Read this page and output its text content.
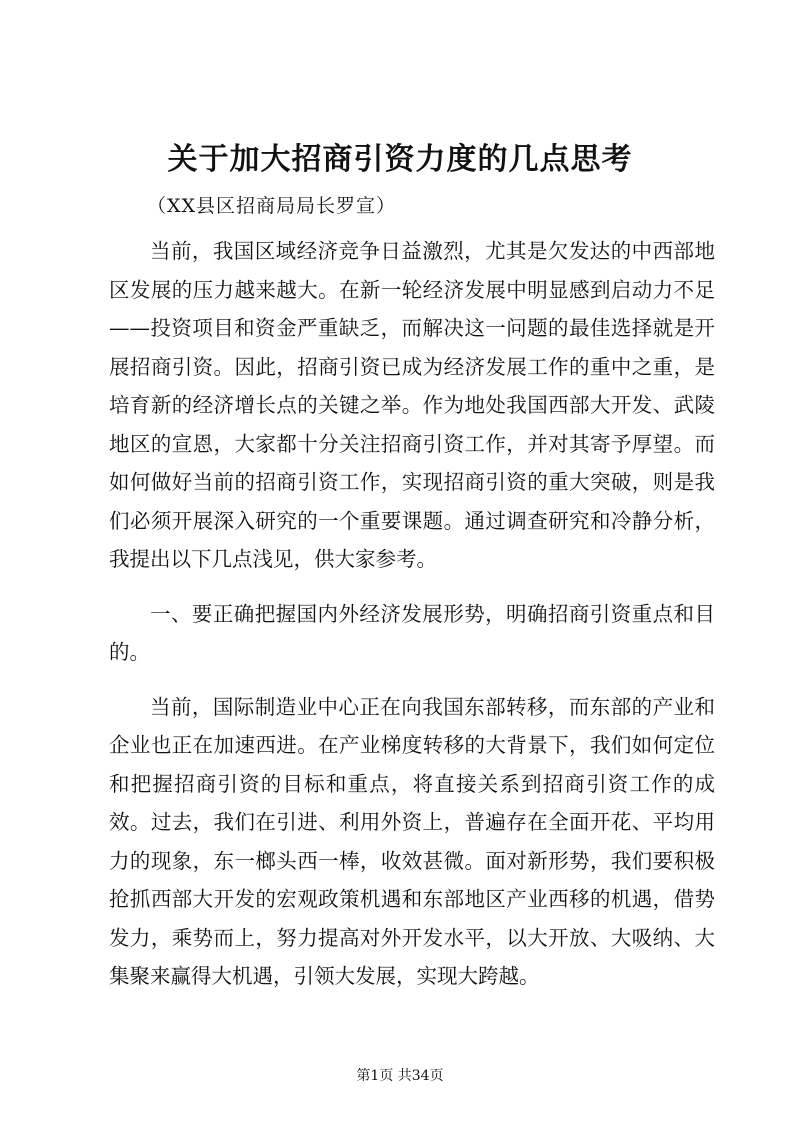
关于加大招商引资力度的几点思考

（XX县区招商局局长罗宣）

当前，我国区域经济竞争日益激烈，尤其是欠发达的中西部地区发展的压力越来越大。在新一轮经济发展中明显感到启动力不足——投资项目和资金严重缺乏，而解决这一问题的最佳选择就是开展招商引资。因此，招商引资已成为经济发展工作的重中之重，是培育新的经济增长点的关键之举。作为地处我国西部大开发、武陵地区的宣恩，大家都十分关注招商引资工作，并对其寄予厚望。而如何做好当前的招商引资工作，实现招商引资的重大突破，则是我们必须开展深入研究的一个重要课题。通过调查研究和冷静分析，我提出以下几点浅见，供大家参考。

一、要正确把握国内外经济发展形势，明确招商引资重点和目的。

当前，国际制造业中心正在向我国东部转移，而东部的产业和企业也正在加速西进。在产业梯度转移的大背景下，我们如何定位和把握招商引资的目标和重点，将直接关系到招商引资工作的成效。过去，我们在引进、利用外资上，普遍存在全面开花、平均用力的现象，东一榔头西一棒，收效甚微。面对新形势，我们要积极抢抓西部大开发的宏观政策机遇和东部地区产业西移的机遇，借势发力，乘势而上，努力提高对外开发水平，以大开放、大吸纳、大集聚来赢得大机遇，引领大发展，实现大跨越。

第1页 共34页
